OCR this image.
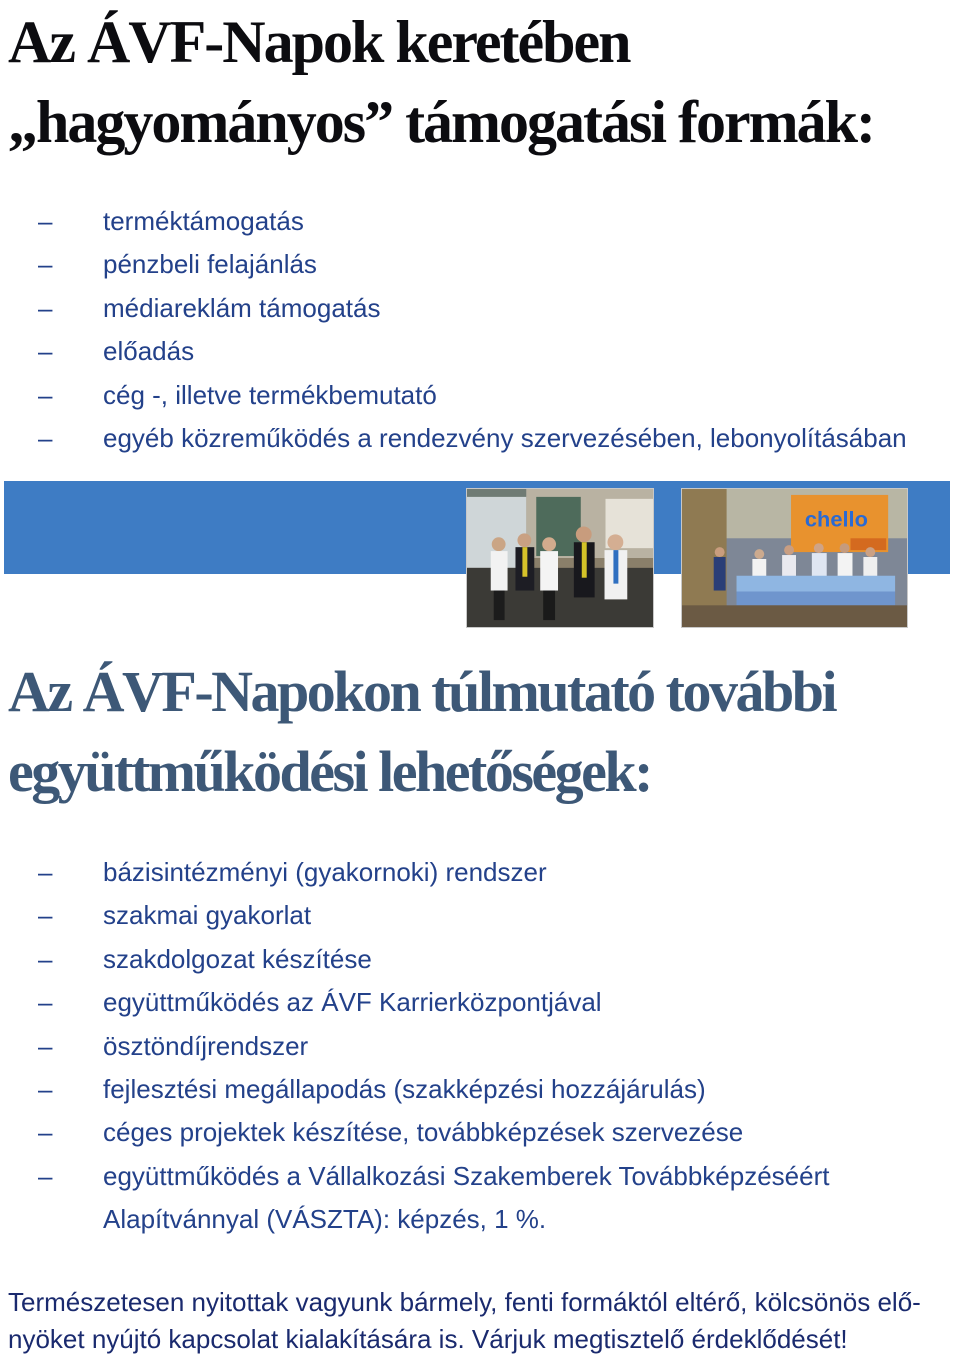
Az ÁVF-Napok keretében
„hagyományos” támogatási formák:
– terméktámogatás
– pénzbeli felajánlás
– médiareklám támogatás
– előadás
– cég -, illetve termékbemutató
– egyéb közreműködés a rendezvény szervezésében, lebonyolításában
chello
Az ÁVF-Napokon túlmutató további
együttműködési lehetőségek:
– bázisintézményi (gyakornoki) rendszer
– szakmai gyakorlat
– szakdolgozat készítése
– együttműködés az ÁVF Karrierközpontjával
– ösztöndíjrendszer
– fejlesztési megállapodás (szakképzési hozzájárulás)
– céges projektek készítése, továbbképzések szervezése
– együttműködés a Vállalkozási Szakemberek Továbbképzéséért
Alapítvánnyal (VÁSZTA): képzés, 1 %.

Természetesen nyitottak vagyunk bármely, fenti formáktól eltérő, kölcsönös elő-
nyöket nyújtó kapcsolat kialakítására is. Várjuk megtisztelő érdeklődését!
